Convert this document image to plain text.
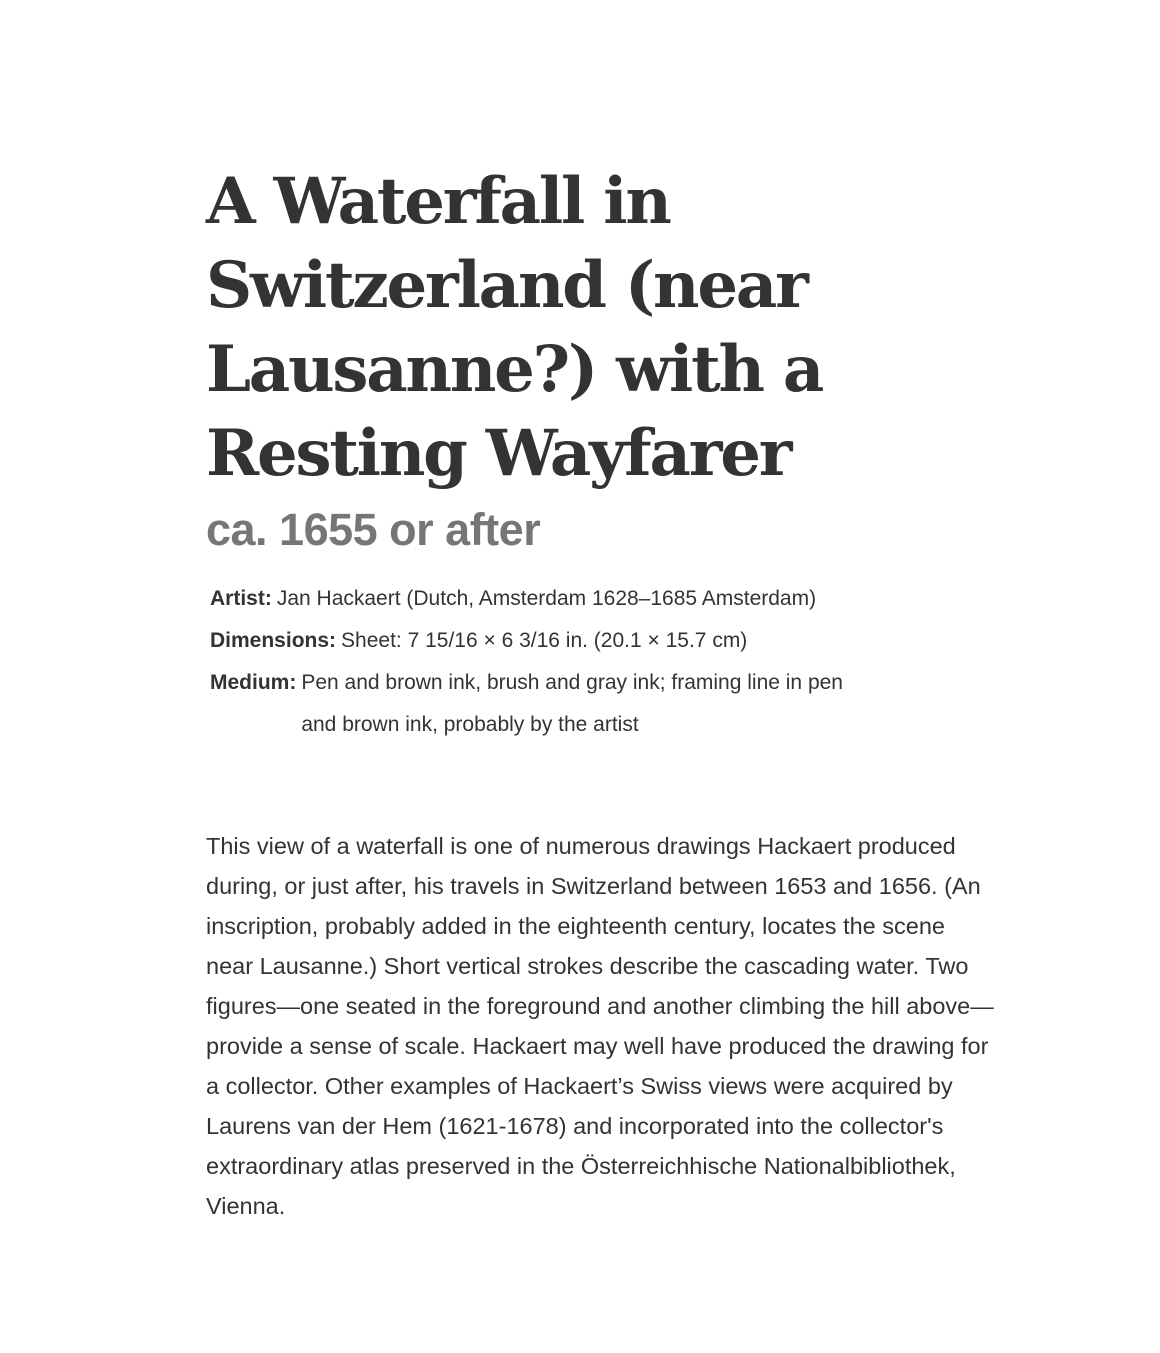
A Waterfall in Switzerland (near Lausanne?) with a Resting Wayfarer
ca. 1655 or after
Artist: Jan Hackaert (Dutch, Amsterdam 1628–1685 Amsterdam)
Dimensions: Sheet: 7 15/16 × 6 3/16 in. (20.1 × 15.7 cm)
Medium: Pen and brown ink, brush and gray ink; framing line in pen and brown ink, probably by the artist

This view of a waterfall is one of numerous drawings Hackaert produced during, or just after, his travels in Switzerland between 1653 and 1656. (An inscription, probably added in the eighteenth century, locates the scene near Lausanne.) Short vertical strokes describe the cascading water. Two figures—one seated in the foreground and another climbing the hill above—provide a sense of scale. Hackaert may well have produced the drawing for a collector. Other examples of Hackaert’s Swiss views were acquired by Laurens van der Hem (1621-1678) and incorporated into the collector's extraordinary atlas preserved in the Österreichhische Nationalbibliothek, Vienna.
